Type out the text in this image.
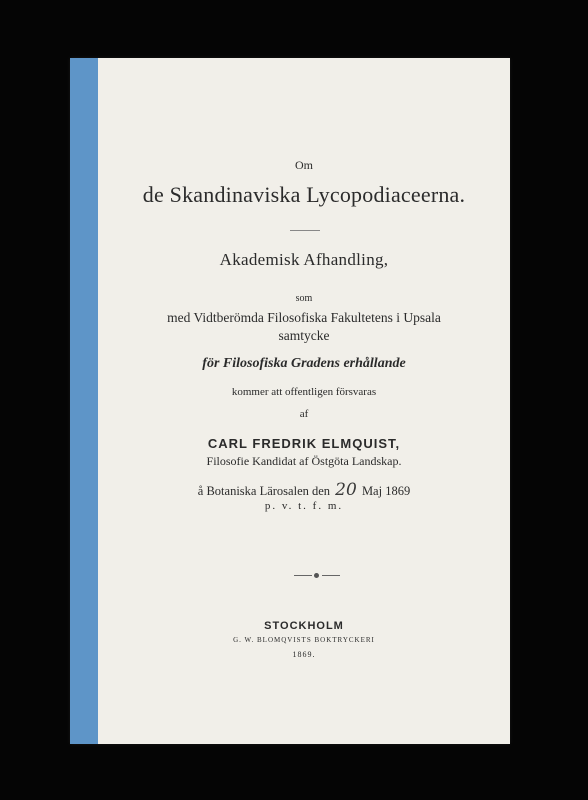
Om
de Skandinaviska Lycopodiaceerna.
Akademisk Afhandling,
som
med Vidtberömda Filosofiska Fakultetens i Upsala
samtycke
för Filosofiska Gradens erhållande
kommer att offentligen försvaras
af
CARL FREDRIK ELMQUIST,
Filosofie Kandidat af Östgöta Landskap.
å Botaniska Lärosalen den 20 Maj 1869
p. v. t. f. m.
STOCKHOLM
G. W. BLOMQVISTS BOKTRYCKERI
1869.
